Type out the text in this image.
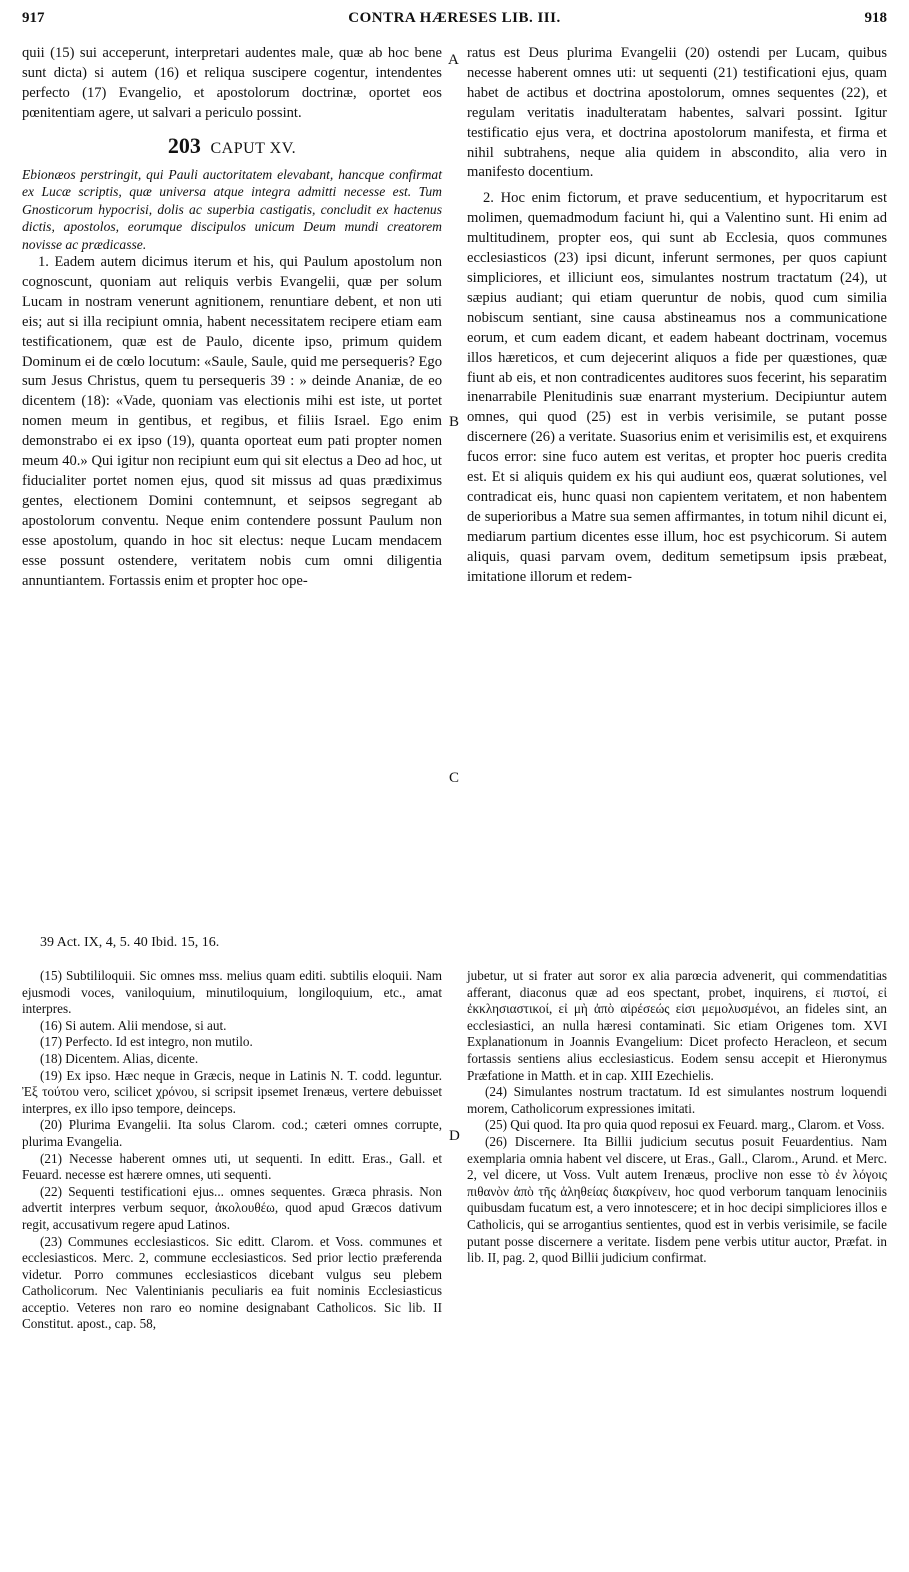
917	CONTRA HÆRESES LIB. III.	918
A
B
C
D

quii (15) sui acceperunt, interpretari audentes male, quæ ab hoc bene sunt dicta) si autem (16) et reliqua suscipere cogentur, intendentes perfecto (17) Evangelio, et apostolorum doctrinæ, oportet eos pœnitentiam agere, ut salvari a periculo possint.

203 CAPUT XV.

Ebionæos perstringit, qui Pauli auctoritatem elevabant, hancque confirmat ex Lucæ scriptis, quæ universa atque integra admitti necesse est. Tum Gnosticorum hypocrisi, dolis ac superbia castigatis, concludit ex hactenus dictis, apostolos, eorumque discipulos unicum Deum mundi creatorem novisse ac prædicasse.

1. Eadem autem dicimus iterum et his, qui Paulum apostolum non cognoscunt, quoniam aut reliquis verbis Evangelii, quæ per solum Lucam in nostram venerunt agnitionem, renuntiare debent, et non uti eis; aut si illa recipiunt omnia, habent necessitatem recipere etiam eam testificationem, quæ est de Paulo, dicente ipso, primum quidem Dominum ei de cœlo locutum: «Saule, Saule, quid me persequeris? Ego sum Jesus Christus, quem tu persequeris 39 : » deinde Ananiæ, de eo dicentem (18): «Vade, quoniam vas electionis mihi est iste, ut portet nomen meum in gentibus, et regibus, et filiis Israel. Ego enim demonstrabo ei ex ipso (19), quanta oporteat eum pati propter nomen meum 40.» Qui igitur non recipiunt eum qui sit electus a Deo ad hoc, ut fiducialiter portet nomen ejus, quod sit missus ad quas prædiximus gentes, electionem Domini contemnunt, et seipsos segregant ab apostolorum conventu. Neque enim contendere possunt Paulum non esse apostolum, quando in hoc sit electus: neque Lucam mendacem esse possunt ostendere, veritatem nobis cum omni diligentia annuntiantem. Fortassis enim et propter hoc ope-

ratus est Deus plurima Evangelii (20) ostendi per Lucam, quibus necesse haberent omnes uti: ut sequenti (21) testificationi ejus, quam habet de actibus et doctrina apostolorum, omnes sequentes (22), et regulam veritatis inadulteratam habentes, salvari possint. Igitur testificatio ejus vera, et doctrina apostolorum manifesta, et firma et nihil subtrahens, neque alia quidem in abscondito, alia vero in manifesto docentium.

2. Hoc enim fictorum, et prave seducentium, et hypocritarum est molimen, quemadmodum faciunt hi, qui a Valentino sunt. Hi enim ad multitudinem, propter eos, qui sunt ab Ecclesia, quos communes ecclesiasticos (23) ipsi dicunt, inferunt sermones, per quos capiunt simpliciores, et illiciunt eos, simulantes nostrum tractatum (24), ut sæpius audiant; qui etiam queruntur de nobis, quod cum similia nobiscum sentiant, sine causa abstineamus nos a communicatione eorum, et cum eadem dicant, et eadem habeant doctrinam, vocemus illos hæreticos, et cum dejecerint aliquos a fide per quæstiones, quæ fiunt ab eis, et non contradicentes auditores suos fecerint, his separatim inenarrabile Plenitudinis suæ enarrant mysterium. Decipiuntur autem omnes, qui quod (25) est in verbis verisimile, se putant posse discernere (26) a veritate. Suasorius enim et verisimilis est, et exquirens fucos error: sine fuco autem est veritas, et propter hoc pueris credita est. Et si aliquis quidem ex his qui audiunt eos, quærat solutiones, vel contradicat eis, hunc quasi non capientem veritatem, et non habentem de superioribus a Matre sua semen affirmantes, in totum nihil dicunt ei, mediarum partium dicentes esse illum, hoc est psychicorum. Si autem aliquis, quasi parvam ovem, deditum semetipsum ipsis præbeat, imitatione illorum et redem-

39 Act. IX, 4, 5. 40 Ibid. 15, 16.

(15) Subtililoquii. Sic omnes mss. melius quam editi. subtilis eloquii. Nam ejusmodi voces, vaniloquium, minutiloquium, longiloquium, etc., amat interpres.

(16) Si autem. Alii mendose, si aut.

(17) Perfecto. Id est integro, non mutilo.

(18) Dicentem. Alias, dicente.

(19) Ex ipso. Hæc neque in Græcis, neque in Latinis N. T. codd. leguntur. Ἐξ τούτου vero, scilicet χρόνου, si scripsit ipsemet Irenæus, vertere debuisset interpres, ex illo ipso tempore, deinceps.

(20) Plurima Evangelii. Ita solus Clarom. cod.; cæteri omnes corrupte, plurima Evangelia.

(21) Necesse haberent omnes uti, ut sequenti. In editt. Eras., Gall. et Feuard. necesse est hærere omnes, uti sequenti.

(22) Sequenti testificationi ejus... omnes sequentes. Græca phrasis. Non advertit interpres verbum sequor, ἀκολουθέω, quod apud Græcos dativum regit, accusativum regere apud Latinos.

(23) Communes ecclesiasticos. Sic editt. Clarom. et Voss. communes et ecclesiasticos. Merc. 2, commune ecclesiasticos. Sed prior lectio præferenda videtur. Porro communes ecclesiasticos dicebant vulgus seu plebem Catholicorum. Nec Valentinianis peculiaris ea fuit nominis Ecclesiasticus acceptio. Veteres non raro eo nomine designabant Catholicos. Sic lib. II Constitut. apost., cap. 58,

jubetur, ut si frater aut soror ex alia parœcia advenerit, qui commendatitias afferant, diaconus quæ ad eos spectant, probet, inquirens, εἰ πιστοί, εἰ ἐκκλησιαστικοί, εἰ μὴ ἀπὸ αἱρέσεώς εἰσι μεμολυσμένοι, an fideles sint, an ecclesiastici, an nulla hæresi contaminati. Sic etiam Origenes tom. XVI Explanationum in Joannis Evangelium: Dicet profecto Heracleon, et secum fortassis sentiens alius ecclesiasticus. Eodem sensu accepit et Hieronymus Præfatione in Matth. et in cap. XIII Ezechielis.

(24) Simulantes nostrum tractatum. Id est simulantes nostrum loquendi morem, Catholicorum expressiones imitati.

(25) Qui quod. Ita pro quia quod reposui ex Feuard. marg., Clarom. et Voss.

(26) Discernere. Ita Billii judicium secutus posuit Feuardentius. Nam exemplaria omnia habent vel discere, ut Eras., Gall., Clarom., Arund. et Merc. 2, vel dicere, ut Voss. Vult autem Irenæus, proclive non esse τὸ ἐν λόγοις πιθανὸν ἀπὸ τῆς ἀληθείας διακρίνειν, hoc quod verborum tanquam lenociniis quibusdam fucatum est, a vero innotescere; et in hoc decipi simpliciores illos e Catholicis, qui se arrogantius sentientes, quod est in verbis verisimile, se facile putant posse discernere a veritate. Iisdem pene verbis utitur auctor, Præfat. in lib. II, pag. 2, quod Billii judicium confirmat.
